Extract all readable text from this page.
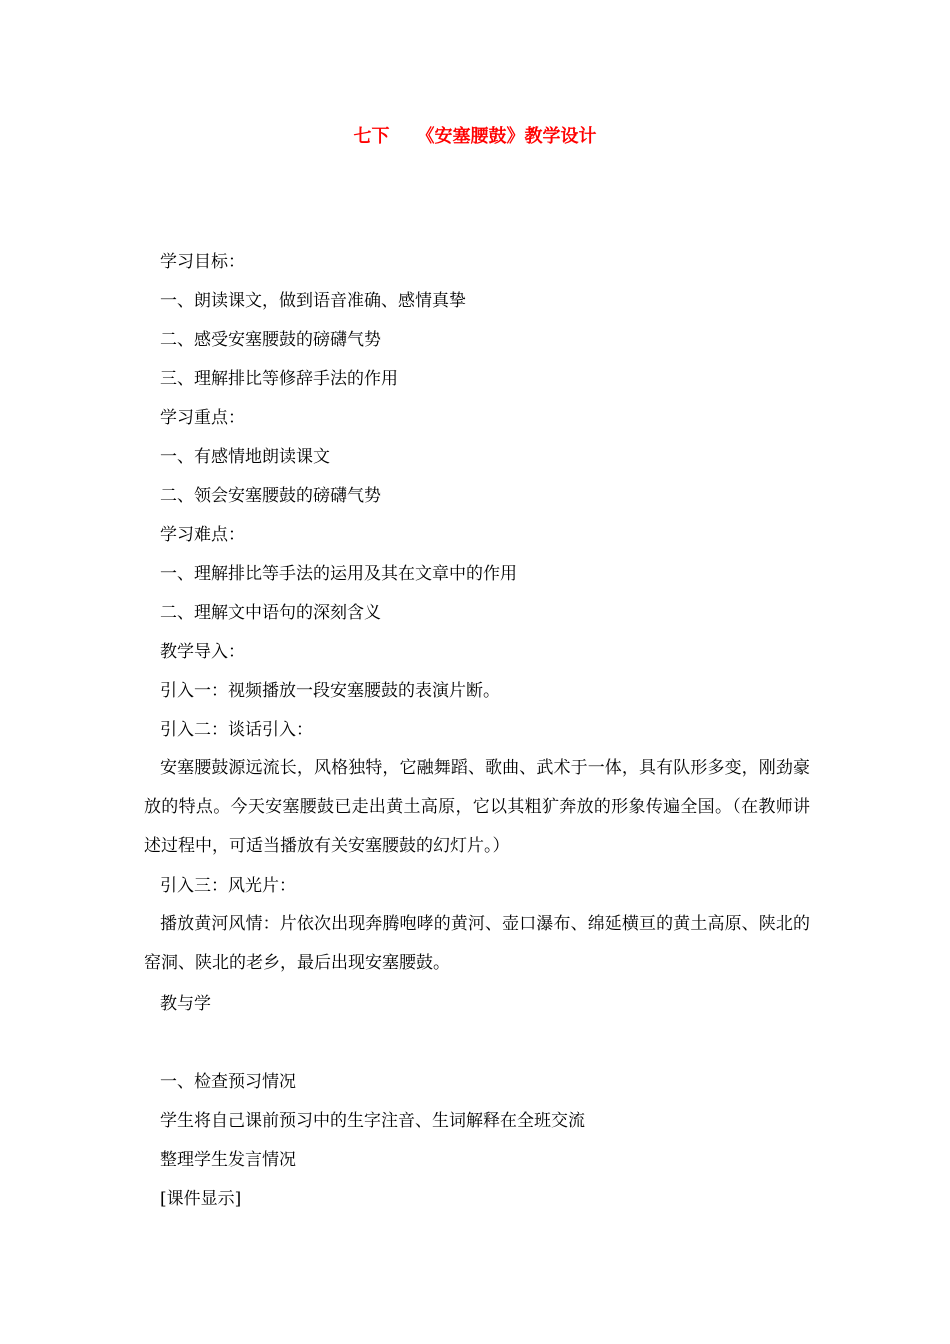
七下　　《安塞腰鼓》教学设计
学习目标：
一、朗读课文，做到语音准确、感情真挚
二、感受安塞腰鼓的磅礴气势
三、理解排比等修辞手法的作用
学习重点：
一、有感情地朗读课文
二、领会安塞腰鼓的磅礴气势
学习难点：
一、理解排比等手法的运用及其在文章中的作用
二、理解文中语句的深刻含义
教学导入：
引入一：视频播放一段安塞腰鼓的表演片断。
引入二：谈话引入：
安塞腰鼓源远流长，风格独特，它融舞蹈、歌曲、武术于一体，具有队形多变，刚劲豪放的特点。今天安塞腰鼓已走出黄土高原，它以其粗犷奔放的形象传遍全国。（在教师讲述过程中，可适当播放有关安塞腰鼓的幻灯片。）
引入三：风光片：
播放黄河风情：片依次出现奔腾咆哮的黄河、壶口瀑布、绵延横亘的黄土高原、陕北的窑洞、陕北的老乡，最后出现安塞腰鼓。
教与学
一、检查预习情况
学生将自己课前预习中的生字注音、生词解释在全班交流
整理学生发言情况
[课件显示]
